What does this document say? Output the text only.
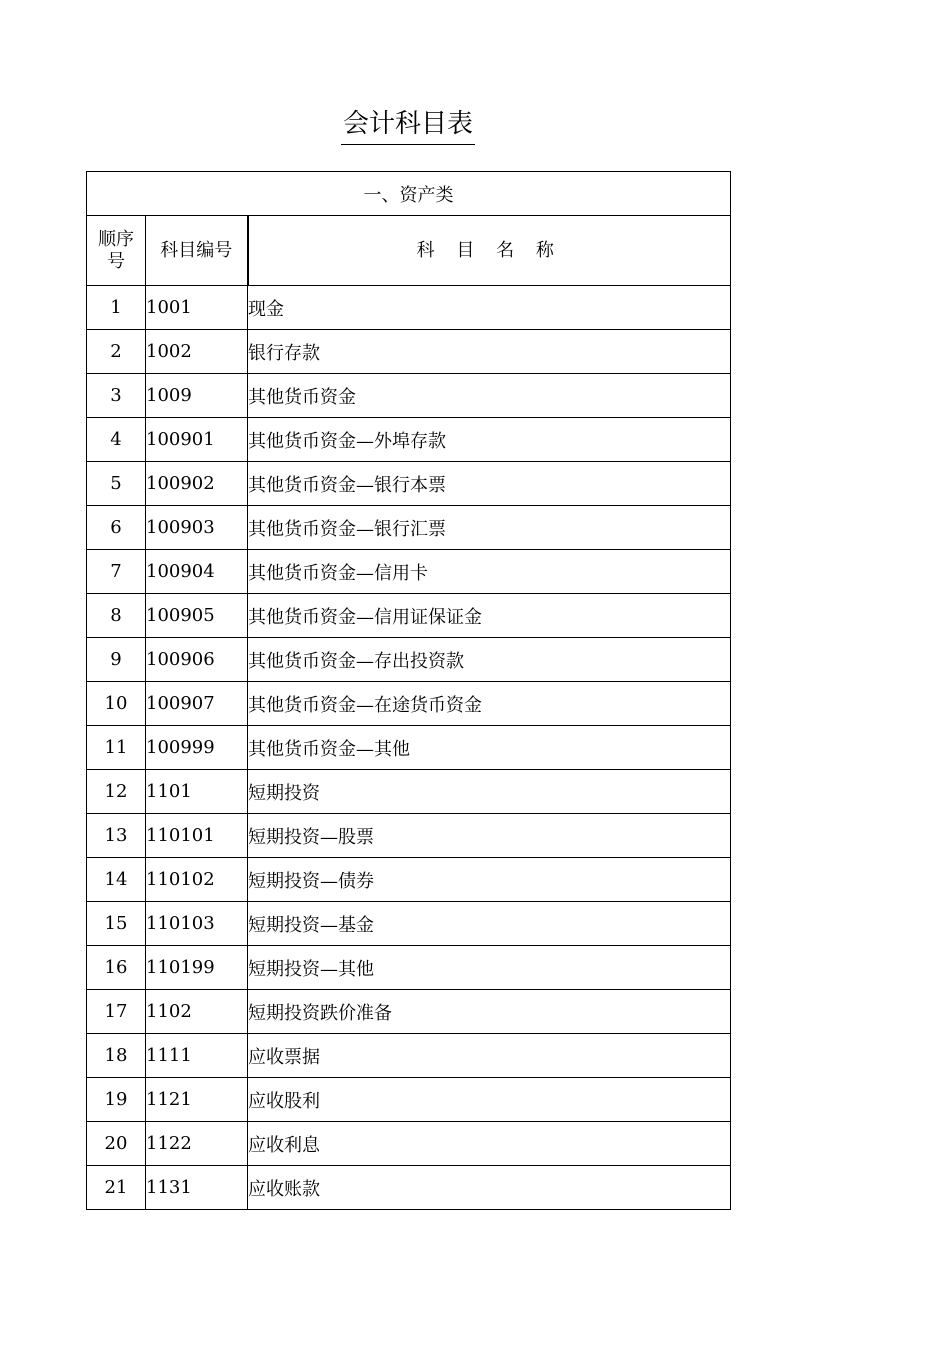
会计科目表
一、资产类		
顺序号	科目编号	科 目 名 称
1	1001	现金
2	1002	银行存款
3	1009	其他货币资金
4	100901	其他货币资金—外埠存款
5	100902	其他货币资金—银行本票
6	100903	其他货币资金—银行汇票
7	100904	其他货币资金—信用卡
8	100905	其他货币资金—信用证保证金
9	100906	其他货币资金—存出投资款
10	100907	其他货币资金—在途货币资金
11	100999	其他货币资金—其他
12	1101	短期投资
13	110101	短期投资—股票
14	110102	短期投资—债券
15	110103	短期投资—基金
16	110199	短期投资—其他
17	1102	短期投资跌价准备
18	1111	应收票据
19	1121	应收股利
20	1122	应收利息
21	1131	应收账款
